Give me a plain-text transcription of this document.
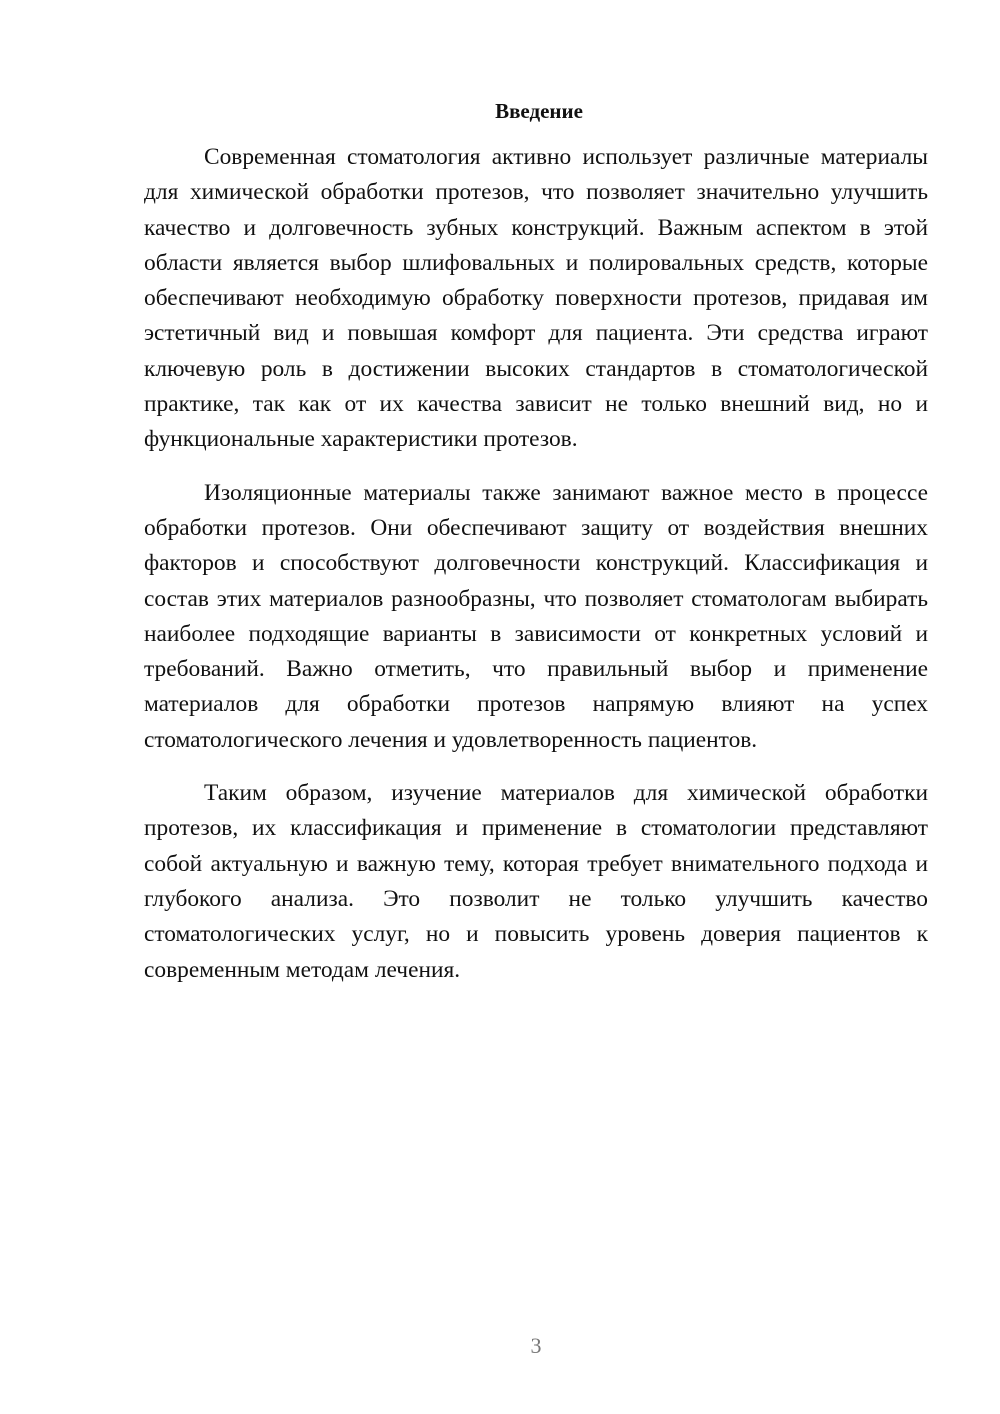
Введение

Современная стоматология активно использует различные материалы для химической обработки протезов, что позволяет значительно улучшить качество и долговечность зубных конструкций. Важным аспектом в этой области является выбор шлифовальных и полировальных средств, которые обеспечивают необходимую обработку поверхности протезов, придавая им эстетичный вид и повышая комфорт для пациента. Эти средства играют ключевую роль в достижении высоких стандартов в стоматологической практике, так как от их качества зависит не только внешний вид, но и функциональные характеристики протезов.

Изоляционные материалы также занимают важное место в процессе обработки протезов. Они обеспечивают защиту от воздействия внешних факторов и способствуют долговечности конструкций. Классификация и состав этих материалов разнообразны, что позволяет стоматологам выбирать наиболее подходящие варианты в зависимости от конкретных условий и требований. Важно отметить, что правильный выбор и применение материалов для обработки протезов напрямую влияют на успех стоматологического лечения и удовлетворенность пациентов.

Таким образом, изучение материалов для химической обработки протезов, их классификация и применение в стоматологии представляют собой актуальную и важную тему, которая требует внимательного подхода и глубокого анализа. Это позволит не только улучшить качество стоматологических услуг, но и повысить уровень доверия пациентов к современным методам лечения.

3
